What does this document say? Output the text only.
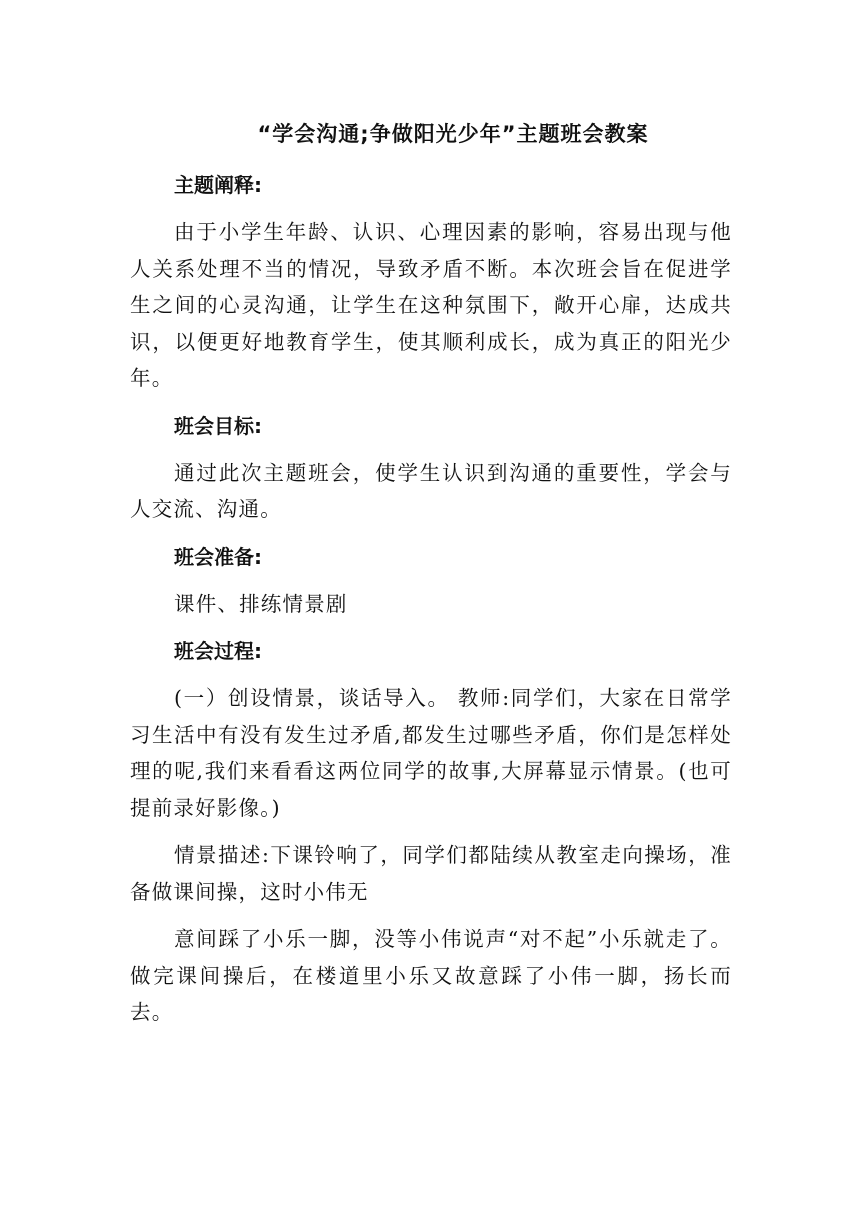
“学会沟通;争做阳光少年”主题班会教案
主题阐释:

由于小学生年龄、认识、心理因素的影响，容易出现与他人关系处理不当的情况，导致矛盾不断。本次班会旨在促进学生之间的心灵沟通，让学生在这种氛围下，敞开心扉，达成共识，以便更好地教育学生，使其顺利成长，成为真正的阳光少年。

班会目标:

通过此次主题班会，使学生认识到沟通的重要性，学会与人交流、沟通。

班会准备:

课件、排练情景剧

班会过程:

(一）创设情景，谈话导入。 教师:同学们，大家在日常学习生活中有没有发生过矛盾,都发生过哪些矛盾，你们是怎样处理的呢,我们来看看这两位同学的故事,大屏幕显示情景。(也可提前录好影像。)

情景描述:下课铃响了，同学们都陆续从教室走向操场，准备做课间操，这时小伟无

意间踩了小乐一脚，没等小伟说声“对不起”小乐就走了。做完课间操后，在楼道里小乐又故意踩了小伟一脚，扬长而去。
